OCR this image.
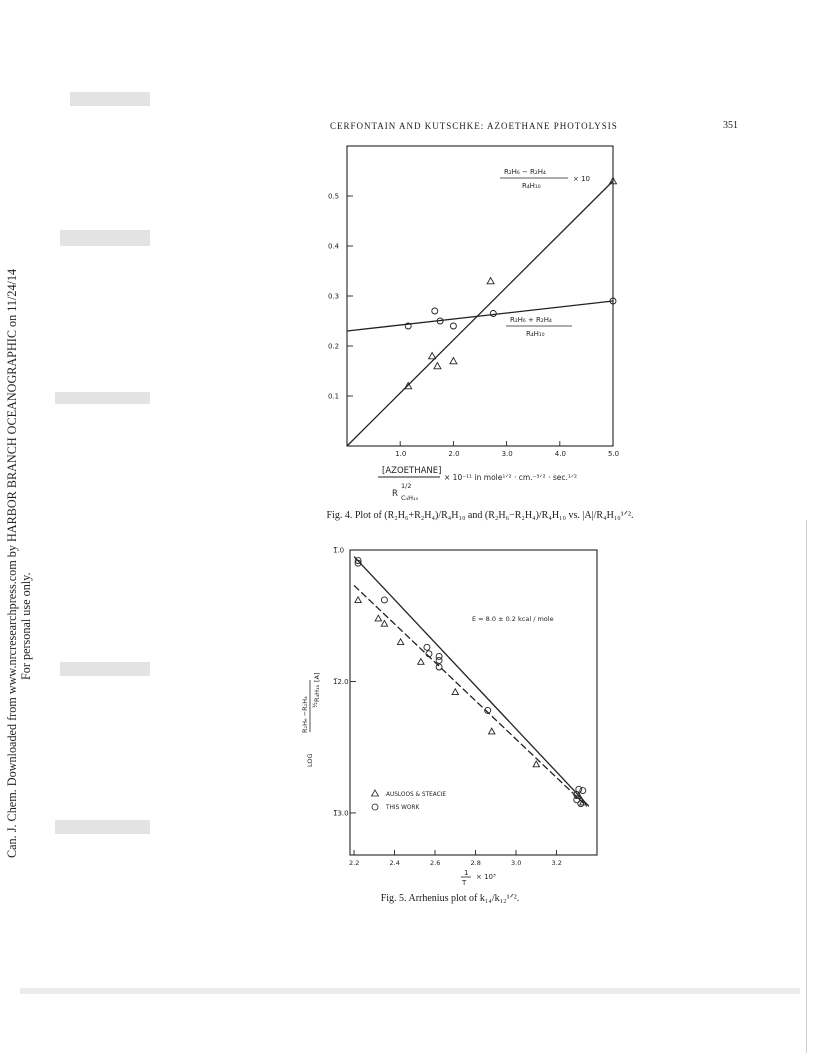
Can. J. Chem. Downloaded from www.nrcresearchpress.com by HARBOR BRANCH OCEANOGRAPHIC on 11/24/14 For personal use only.
CERFONTAIN AND KUTSCHKE: AZOETHANE PHOTOLYSIS	351
0.1
0.2
0.3
0.4
0.5
1.0	2.0	3.0	4.0	5.0
R₂H₆ − R₂H₄
R₄H₁₀
× 10
R₂H₆ + R₂H₄
R₄H₁₀
[AZOETHANE]
× 10⁻¹¹ in mole¹ᐟ² · cm.⁻³ᐟ² · sec.¹ᐟ²
R
1/2
C₄H₁₀
Fig. 4. Plot of (R₂H₆+R₂H₄)/R₄H₁₀ and (R₂H₆−R₂H₄)/R₄H₁₀ vs. |A|/R₄H₁₀¹ᐟ².
1̅.0
1̅2.0
1̅3.0
2.2	2.4	2.6	2.8	3.0	3.2
E = 8.0 ± 0.2 kcal / mole
AUSLOOS & STEACIE
THIS WORK
LOG
R₂H₆ −R₂H₄ ½
R₄H₁₀
[A]
1 × 10³
T
Fig. 5. Arrhenius plot of k₁₄/k₁₂¹ᐟ².
